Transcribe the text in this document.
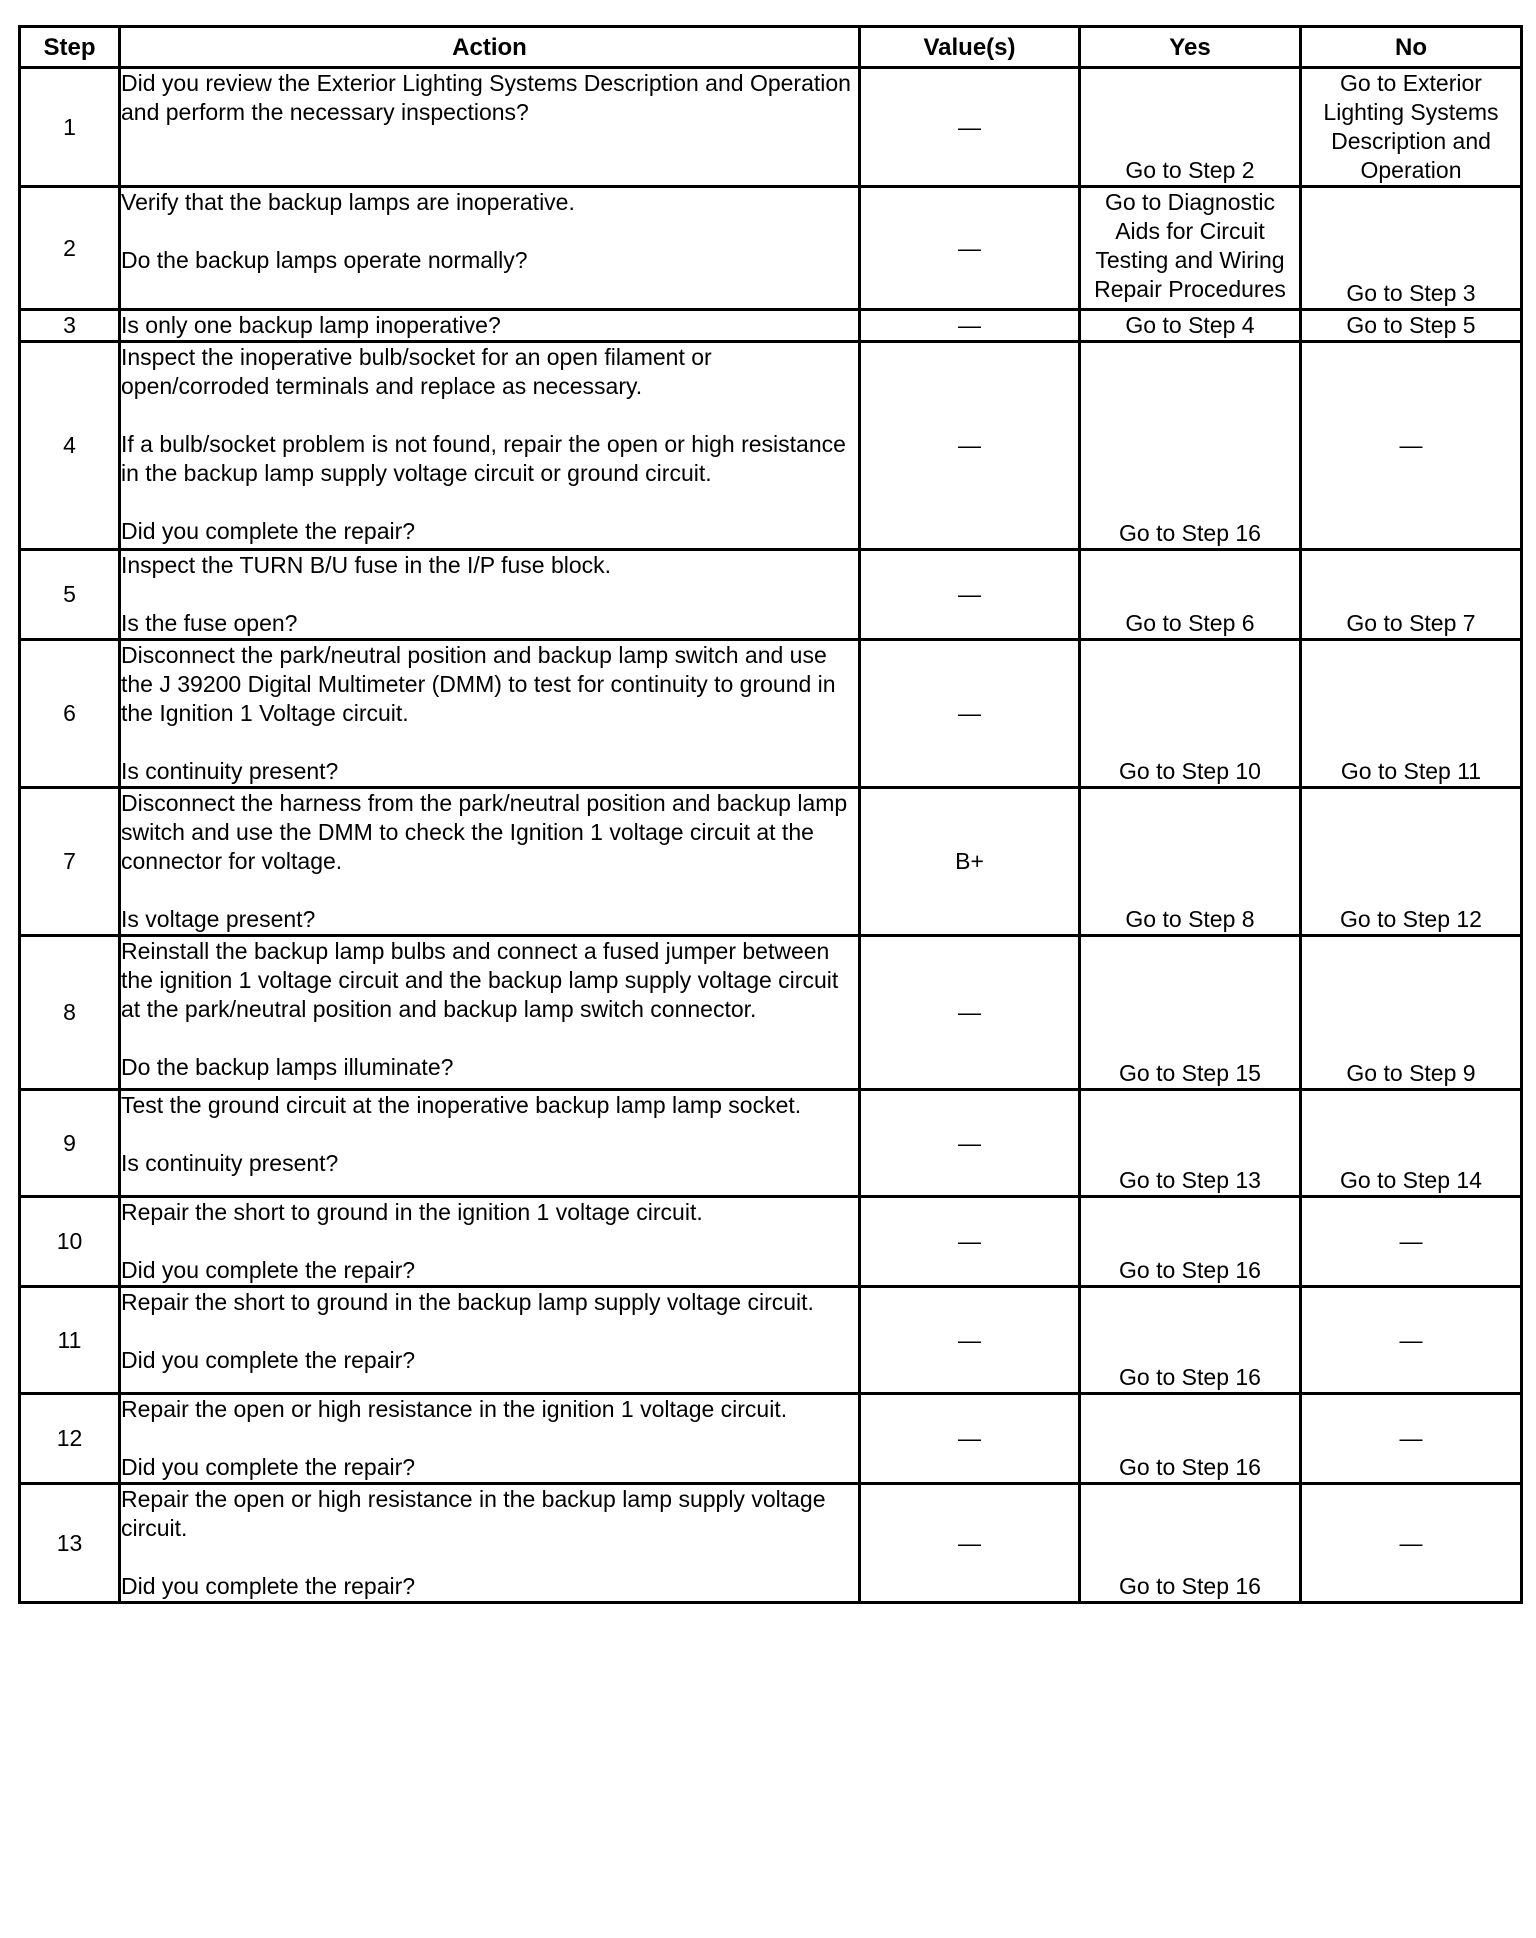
Step	Action	Value(s)	Yes	No
1	Did you review the Exterior Lighting Systems Description and Operation and perform the necessary inspections?	—	Go to Step 2	Go to Exterior Lighting Systems Description and Operation
2	Verify that the backup lamps are inoperative.

Do the backup lamps operate normally?	—	Go to Diagnostic Aids for Circuit Testing and Wiring Repair Procedures	Go to Step 3
3	Is only one backup lamp inoperative?	—	Go to Step 4	Go to Step 5
4	Inspect the inoperative bulb/socket for an open filament or open/corroded terminals and replace as necessary.

If a bulb/socket problem is not found, repair the open or high resistance in the backup lamp supply voltage circuit or ground circuit.

Did you complete the repair?	—	Go to Step 16	—
5	Inspect the TURN B/U fuse in the I/P fuse block.

Is the fuse open?	—	Go to Step 6	Go to Step 7
6	Disconnect the park/neutral position and backup lamp switch and use the J 39200 Digital Multimeter (DMM) to test for continuity to ground in the Ignition 1 Voltage circuit.

Is continuity present?	—	Go to Step 10	Go to Step 11
7	Disconnect the harness from the park/neutral position and backup lamp switch and use the DMM to check the Ignition 1 voltage circuit at the connector for voltage.

Is voltage present?	B+	Go to Step 8	Go to Step 12
8	Reinstall the backup lamp bulbs and connect a fused jumper between the ignition 1 voltage circuit and the backup lamp supply voltage circuit at the park/neutral position and backup lamp switch connector.

Do the backup lamps illuminate?	—	Go to Step 15	Go to Step 9
9	Test the ground circuit at the inoperative backup lamp lamp socket.

Is continuity present?	—	Go to Step 13	Go to Step 14
10	Repair the short to ground in the ignition 1 voltage circuit.

Did you complete the repair?	—	Go to Step 16	—
11	Repair the short to ground in the backup lamp supply voltage circuit.

Did you complete the repair?	—	Go to Step 16	—
12	Repair the open or high resistance in the ignition 1 voltage circuit.

Did you complete the repair?	—	Go to Step 16	—
13	Repair the open or high resistance in the backup lamp supply voltage circuit.

Did you complete the repair?	—	Go to Step 16	—
